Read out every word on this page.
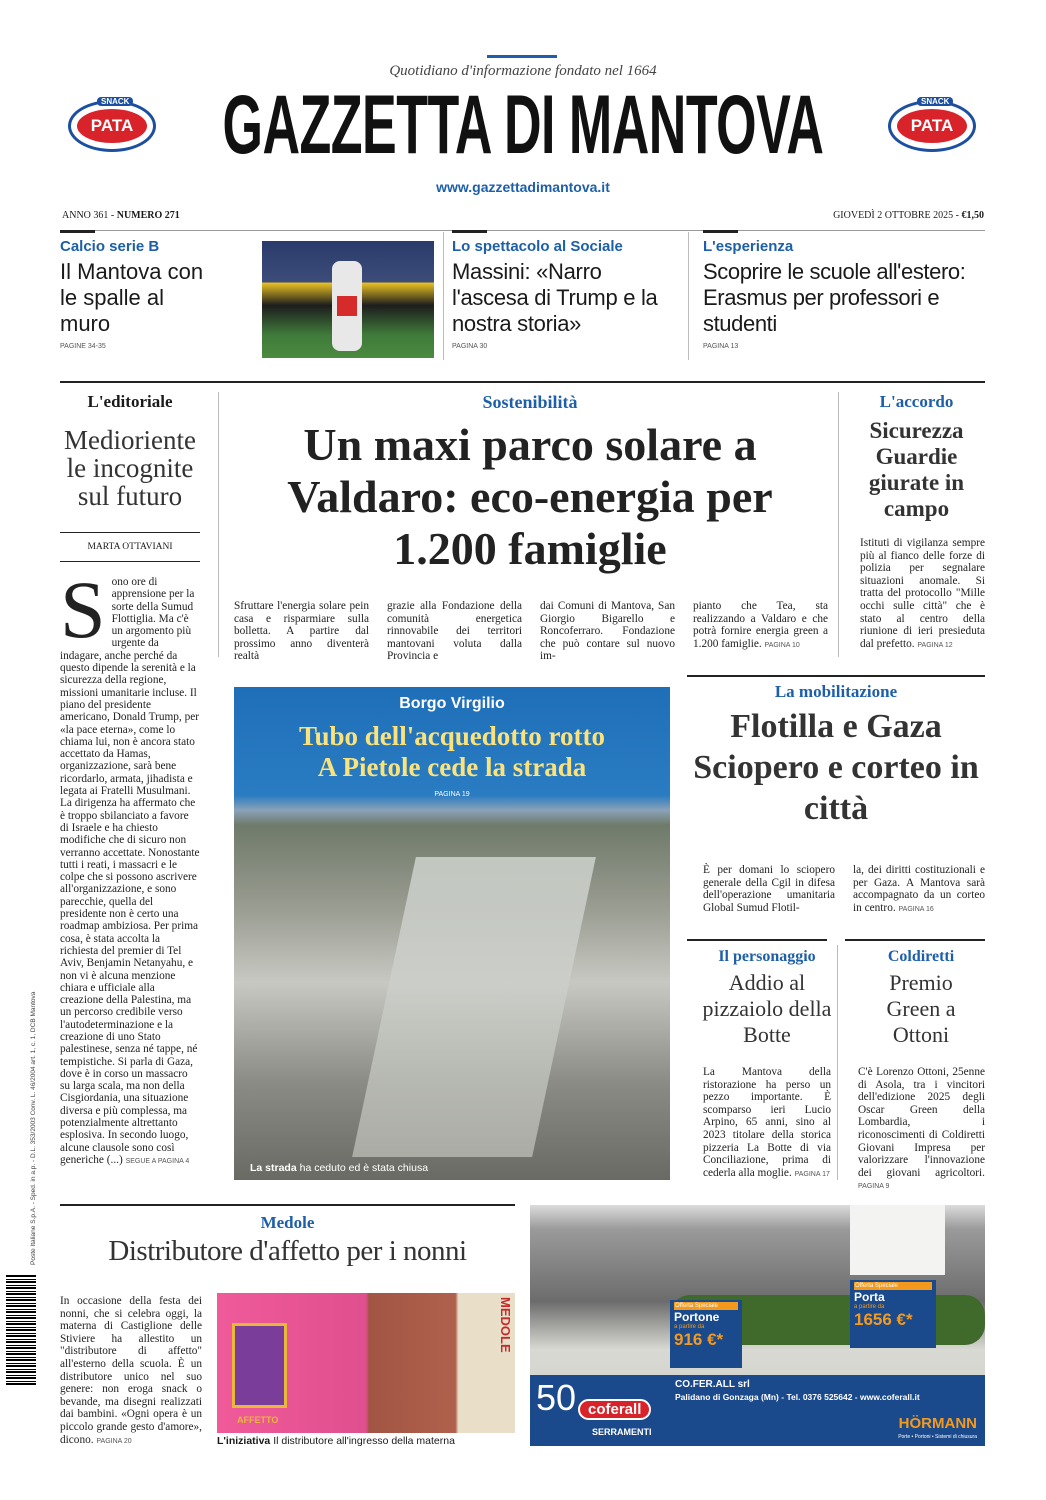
Poste Italiane S.p.A. - Sped. in a.p. - D.L. 353/2003 Conv. L. 46/2004 art. 1, c. 1, DCB Mantova
Quotidiano d'informazione fondato nel 1664
GAZZETTA DI MANTOVA
www.gazzettadimantova.it
SNACK
PATA
SNACK
PATA
ANNO 361 - NUMERO 271	GIOVEDÌ 2 OTTOBRE 2025 - €1,50
Calcio serie B
Il Mantova con le spalle al muro
PAGINE 34-35
Lo spettacolo al Sociale
Massini: «Narro l'ascesa di Trump e la nostra storia»
PAGINA 30
L'esperienza
Scoprire le scuole all'estero: Erasmus per professori e studenti
PAGINA 13
L'editoriale
Medioriente
le incognite
sul futuro
MARTA OTTAVIANI
Sono ore di apprensione per la sorte della Sumud Flottiglia. Ma c'è un argomento più urgente da indagare, anche perché da questo dipende la serenità e la sicurezza della regione, missioni umanitarie incluse. Il piano del presidente americano, Donald Trump, per «la pace eterna», come lo chiama lui, non è ancora stato accettato da Hamas, organizzazione, sarà bene ricordarlo, armata, jihadista e legata ai Fratelli Musulmani. La dirigenza ha affermato che è troppo sbilanciato a favore di Israele e ha chiesto modifiche che di sicuro non verranno accettate. Nonostante tutti i reati, i massacri e le colpe che si possono ascrivere all'organizzazione, e sono parecchie, quella del presidente non è certo una roadmap ambiziosa. Per prima cosa, è stata accolta la richiesta del premier di Tel Aviv, Benjamin Netanyahu, e non vi è alcuna menzione chiara e ufficiale alla creazione della Palestina, ma un percorso credibile verso l'autodeterminazione e la creazione di uno Stato palestinese, senza né tappe, né tempistiche. Si parla di Gaza, dove è in corso un massacro su larga scala, ma non della Cisgiordania, una situazione diversa e più complessa, ma potenzialmente altrettanto esplosiva. In secondo luogo, alcune clausole sono così generiche (...) SEGUE A PAGINA 4
Sostenibilità
Un maxi parco solare a Valdaro: eco-energia per 1.200 famiglie
Sfruttare l'energia solare pein casa e risparmiare sulla bolletta. A partire dal prossimo anno diventerà realtà
grazie alla Fondazione della comunità energetica rinnovabile dei territori mantovani voluta dalla Provincia e
dai Comuni di Mantova, San Giorgio Bigarello e Roncoferraro. Fondazione che può contare sul nuovo im-
pianto che Tea, sta realizzando a Valdaro e che potrà fornire energia green a 1.200 famiglie. PAGINA 10
L'accordo
Sicurezza Guardie giurate in campo
Istituti di vigilanza sempre più al fianco delle forze di polizia per segnalare situazioni anomale. Si tratta del protocollo "Mille occhi sulle città" che è stato al centro della riunione di ieri presieduta dal prefetto. PAGINA 12
Borgo Virgilio
Tubo dell'acquedotto rotto
A Pietole cede la strada
PAGINA 19
La strada ha ceduto ed è stata chiusa
La mobilitazione
Flotilla e Gaza Sciopero e corteo in città
È per domani lo sciopero generale della Cgil in difesa dell'operazione umanitaria Global Sumud Flotil-
la, dei diritti costituzionali e per Gaza. A Mantova sarà accompagnato da un corteo in centro. PAGINA 16
Il personaggio
Addio al pizzaiolo della Botte
La Mantova della ristorazione ha perso un pezzo importante. È scomparso ieri Lucio Arpino, 65 anni, sino al 2023 titolare della storica pizzeria La Botte di via Conciliazione, prima di cederla alla moglie. PAGINA 17
Coldiretti
Premio Green a Ottoni
C'è Lorenzo Ottoni, 25enne di Asola, tra i vincitori dell'edizione 2025 degli Oscar Green della Lombardia, i riconoscimenti di Coldiretti Giovani Impresa per valorizzare l'innovazione dei giovani agricoltori. PAGINA 9
Medole
Distributore d'affetto per i nonni
In occasione della festa dei nonni, che si celebra oggi, la materna di Castiglione delle Stiviere ha allestito un "distributore di affetto" all'esterno della scuola. È un distributore unico nel suo genere: non eroga snack o bevande, ma disegni realizzati dai bambini. «Ogni opera è un piccolo grande gesto d'amore», dicono. PAGINA 20
MEDOLE
AFFETTO
L'iniziativa Il distributore all'ingresso della materna
Offerta Speciale
Portone
a partire da
916 €*
Offerta Speciale
Porta
a partire da
1656 €*
50 coferall
SERRAMENTI
CO.FER.ALL srl
Palidano di Gonzaga (Mn) - Tel. 0376 525642 - www.coferall.it
HÖRMANN
Porte • Portoni • Sistemi di chiusura
